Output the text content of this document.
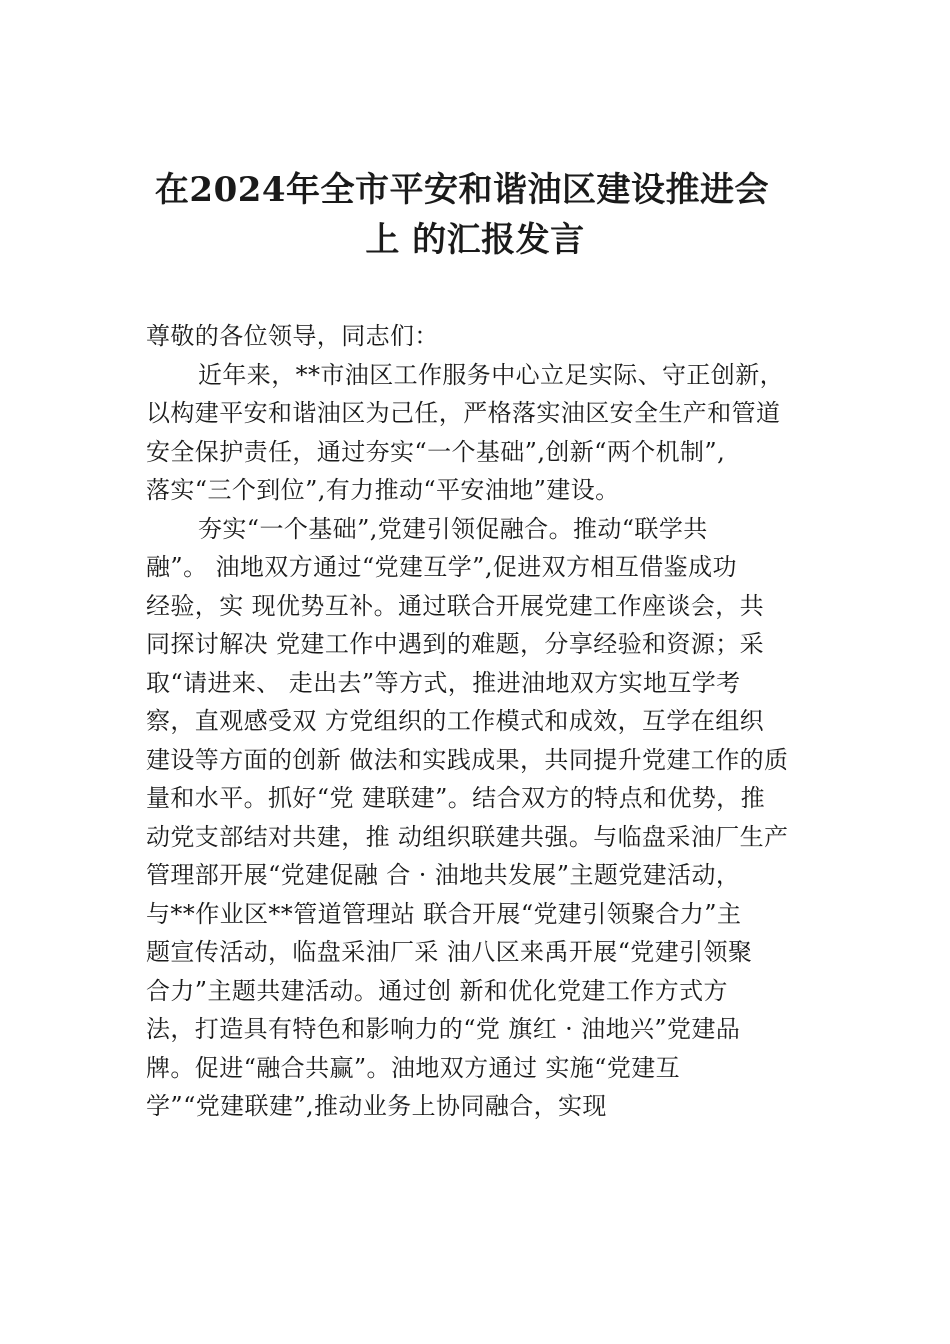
在2024年全市平安和谐油区建设推进会
上 的汇报发言
尊敬的各位领导，同志们：
近年来，**市油区工作服务中心立足实际、守正创新，
以构建平安和谐油区为己任，严格落实油区安全生产和管道
安全保护责任，通过夯实“一个基础”,创新“两个机制”,
落实“三个到位”,有力推动“平安油地”建设。
夯实“一个基础”,党建引领促融合。推动“联学共
融”。 油地双方通过“党建互学”,促进双方相互借鉴成功
经验，实 现优势互补。通过联合开展党建工作座谈会，共
同探讨解决 党建工作中遇到的难题，分享经验和资源；采
取“请进来、 走出去”等方式，推进油地双方实地互学考
察，直观感受双 方党组织的工作模式和成效，互学在组织
建设等方面的创新 做法和实践成果，共同提升党建工作的质
量和水平。抓好“党 建联建”。结合双方的特点和优势，推
动党支部结对共建，推 动组织联建共强。与临盘采油厂生产
管理部开展“党建促融 合 · 油地共发展”主题党建活动，
与**作业区**管道管理站 联合开展“党建引领聚合力”主
题宣传活动，临盘采油厂采 油八区来禹开展“党建引领聚
合力”主题共建活动。通过创 新和优化党建工作方式方
法，打造具有特色和影响力的“党 旗红 · 油地兴”党建品
牌。促进“融合共赢”。油地双方通过 实施“党建互
学”“党建联建”,推动业务上协同融合，实现
